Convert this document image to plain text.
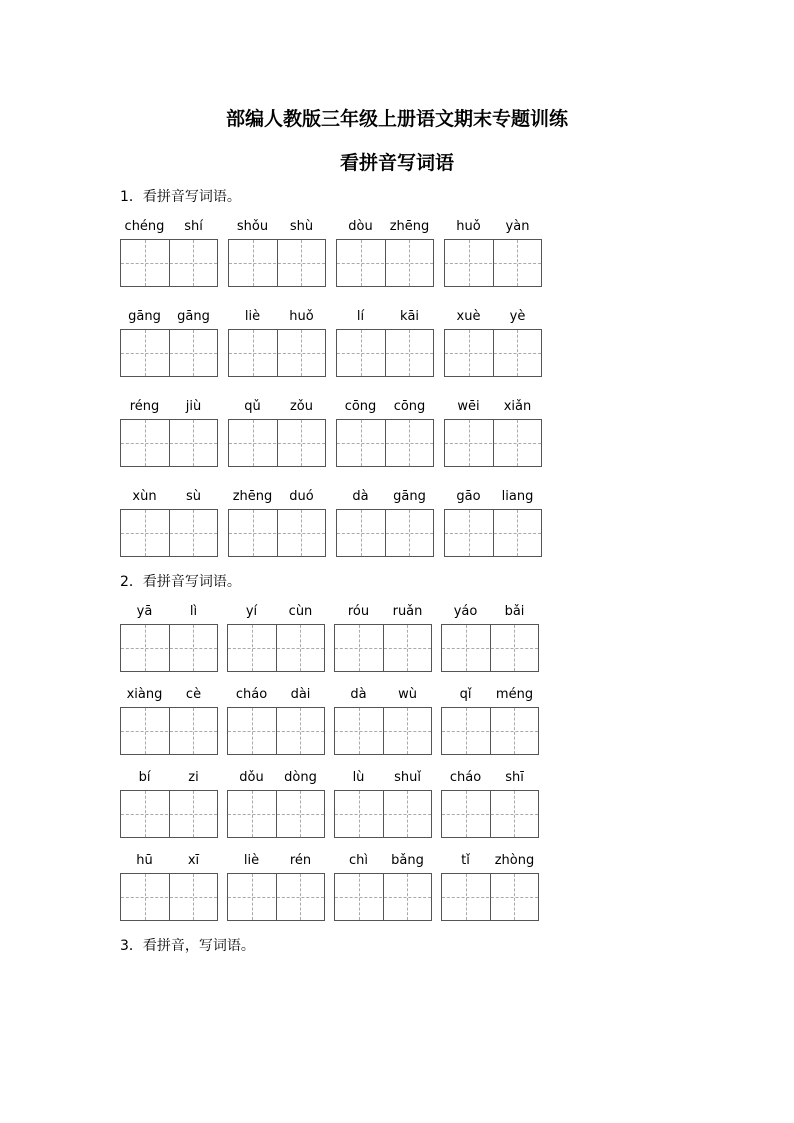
部编人教版三年级上册语文期末专题训练
看拼音写词语
1．看拼音写词语。
2．看拼音写词语。
3．看拼音，写词语。
chéng	shí	shǒu	shù	dòu	zhēng	huǒ	yàn
gāng	gāng	liè	huǒ	lí	kāi	xuè	yè
réng	jiù	qǔ	zǒu	cōng	cōng	wēi	xiǎn
xùn	sù	zhēng	duó	dà	gāng	gāo	liang
yā	lì	yí	cùn	róu	ruǎn	yáo	bǎi
xiàng	cè	cháo	dài	dà	wù	qǐ	méng
bí	zi	dǒu	dòng	lù	shuǐ	cháo	shī
hū	xī	liè	rén	chì	bǎng	tǐ	zhòng
